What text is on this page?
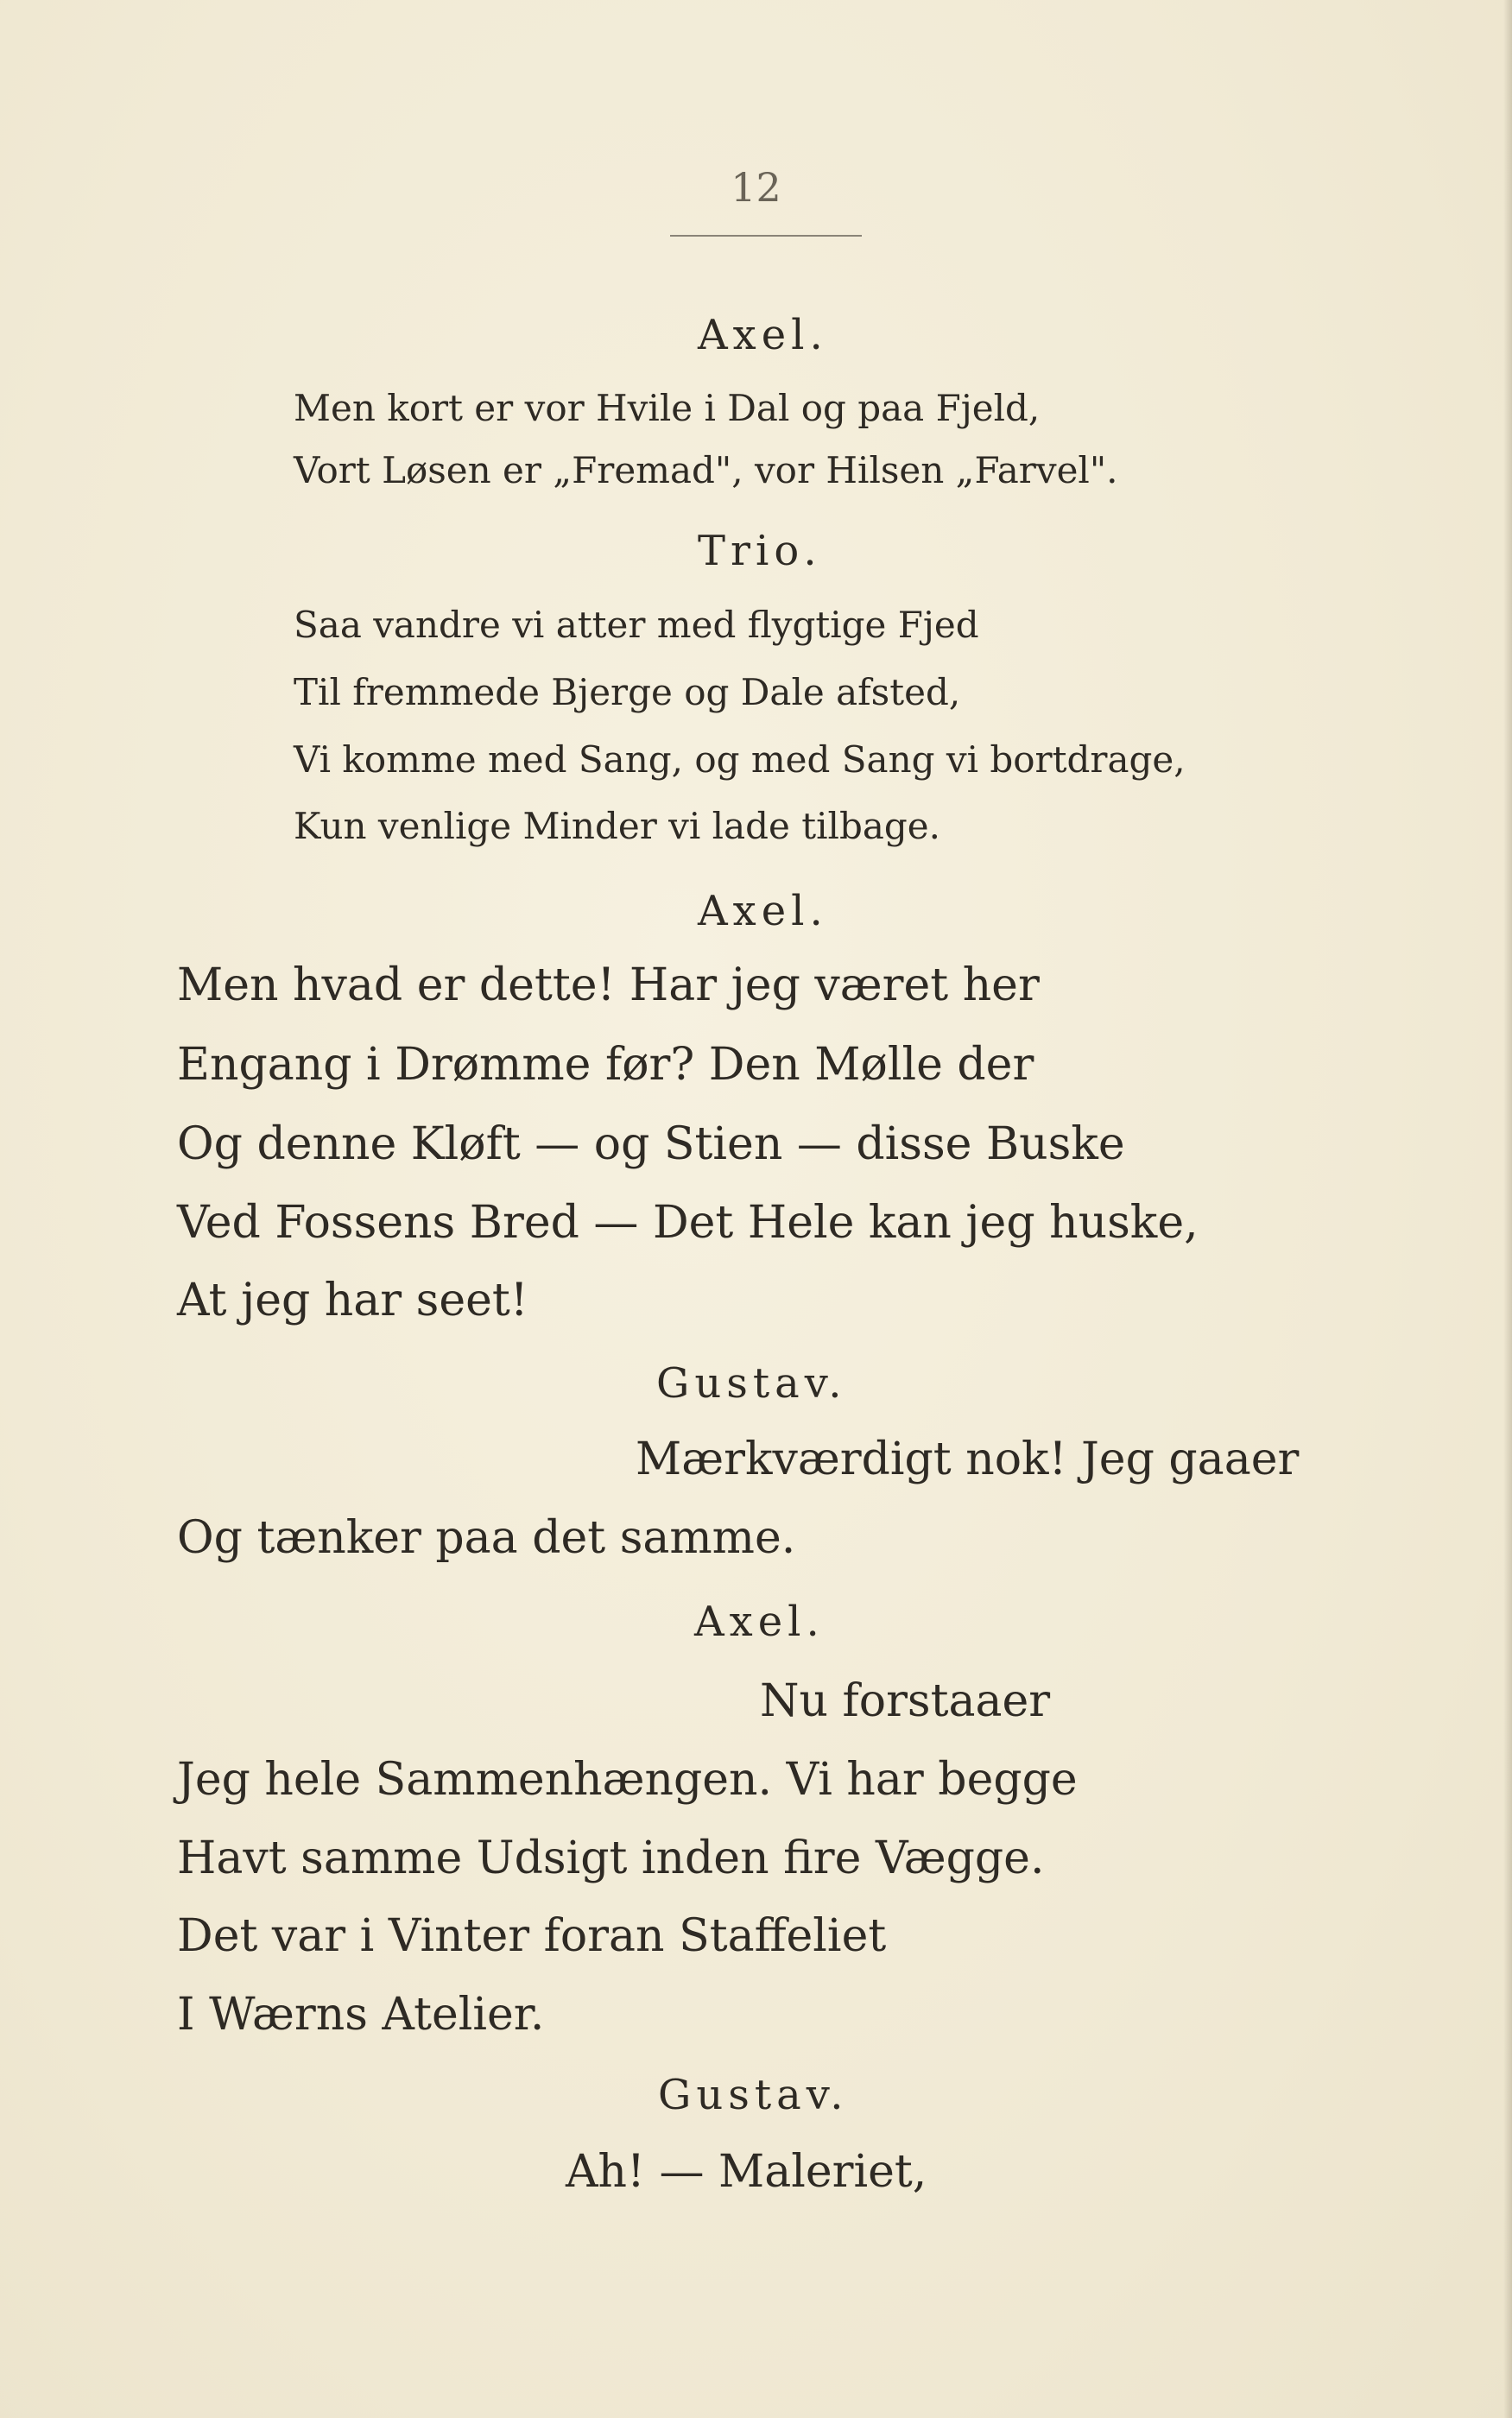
12
Axel.
Men kort er vor Hvile i Dal og paa Fjeld,
Vort Løsen er „Fremad", vor Hilsen „Farvel".
Trio.
Saa vandre vi atter med flygtige Fjed
Til fremmede Bjerge og Dale afsted,
Vi komme med Sang, og med Sang vi bortdrage,
Kun venlige Minder vi lade tilbage.
Axel.
Men hvad er dette! Har jeg været her
Engang i Drømme før? Den Mølle der
Og denne Kløft — og Stien — disse Buske
Ved Fossens Bred — Det Hele kan jeg huske,
At jeg har seet!
Gustav.
Mærkværdigt nok! Jeg gaaer
Og tænker paa det samme.
Axel.
Nu forstaaer
Jeg hele Sammenhængen. Vi har begge
Havt samme Udsigt inden fire Vægge.
Det var i Vinter foran Staffeliet
I Wærns Atelier.
Gustav.
Ah! — Maleriet,
